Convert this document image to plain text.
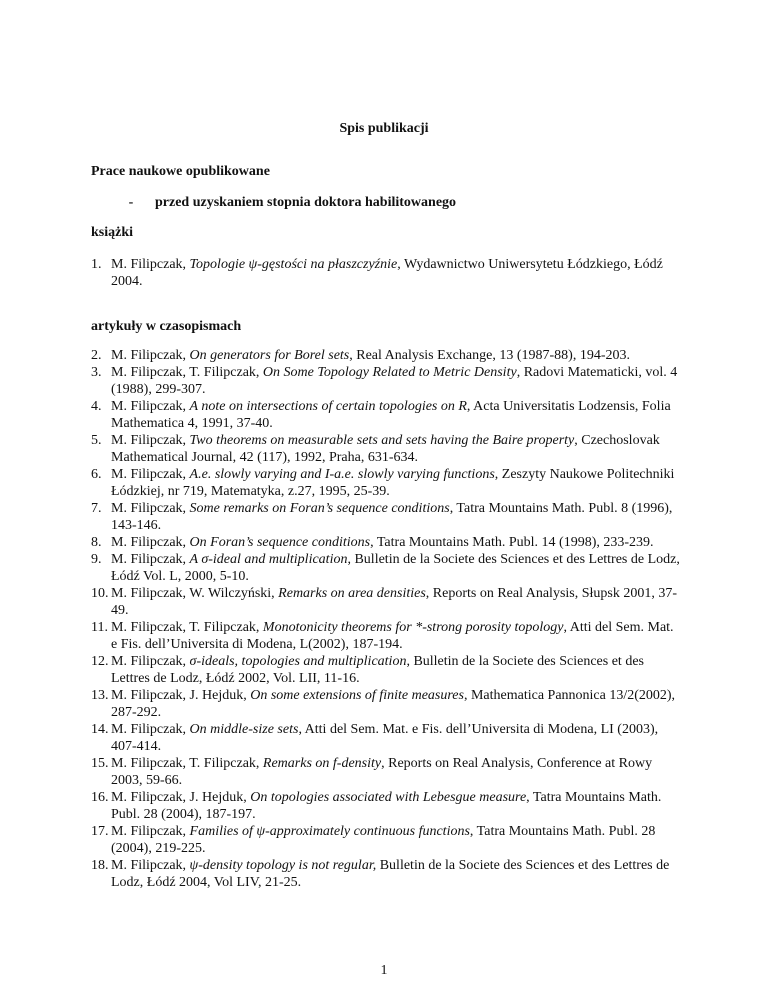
Spis publikacji
Prace naukowe opublikowane
- przed uzyskaniem stopnia doktora habilitowanego
książki
1. M. Filipczak, Topologie ψ-gęstości na płaszczyźnie, Wydawnictwo Uniwersytetu Łódzkiego, Łódź 2004.
artykuły w czasopismach
2. M. Filipczak, On generators for Borel sets, Real Analysis Exchange, 13 (1987-88), 194-203.
3. M. Filipczak, T. Filipczak, On Some Topology Related to Metric Density, Radovi Matematicki, vol. 4 (1988), 299-307.
4. M. Filipczak, A note on intersections of certain topologies on R, Acta Universitatis Lodzensis, Folia Mathematica 4, 1991, 37-40.
5. M. Filipczak, Two theorems on measurable sets and sets having the Baire property, Czechoslovak Mathematical Journal, 42 (117), 1992, Praha, 631-634.
6. M. Filipczak, A.e. slowly varying and I-a.e. slowly varying functions, Zeszyty Naukowe Politechniki Łódzkiej, nr 719, Matematyka, z.27, 1995, 25-39.
7. M. Filipczak, Some remarks on Foran’s sequence conditions, Tatra Mountains Math. Publ. 8 (1996), 143-146.
8. M. Filipczak, On Foran’s sequence conditions, Tatra Mountains Math. Publ. 14 (1998), 233-239.
9. M. Filipczak, A σ-ideal and multiplication, Bulletin de la Societe des Sciences et des Lettres de Lodz, Łódź Vol. L, 2000, 5-10.
10. M. Filipczak, W. Wilczyński, Remarks on area densities, Reports on Real Analysis, Słupsk 2001, 37-49.
11. M. Filipczak, T. Filipczak, Monotonicity theorems for *-strong porosity topology, Atti del Sem. Mat. e Fis. dell’Universita di Modena, L(2002), 187-194.
12. M. Filipczak, σ-ideals, topologies and multiplication, Bulletin de la Societe des Sciences et des Lettres de Lodz, Łódź 2002, Vol. LII, 11-16.
13. M. Filipczak, J. Hejduk, On some extensions of finite measures, Mathematica Pannonica 13/2(2002), 287-292.
14. M. Filipczak, On middle-size sets, Atti del Sem. Mat. e Fis. dell’Universita di Modena, LI (2003), 407-414.
15. M. Filipczak, T. Filipczak, Remarks on f-density, Reports on Real Analysis, Conference at Rowy 2003, 59-66.
16. M. Filipczak, J. Hejduk, On topologies associated with Lebesgue measure, Tatra Mountains Math. Publ. 28 (2004), 187-197.
17. M. Filipczak, Families of ψ-approximately continuous functions, Tatra Mountains Math. Publ. 28 (2004), 219-225.
18. M. Filipczak, ψ-density topology is not regular, Bulletin de la Societe des Sciences et des Lettres de Lodz, Łódź 2004, Vol LIV, 21-25.
1
